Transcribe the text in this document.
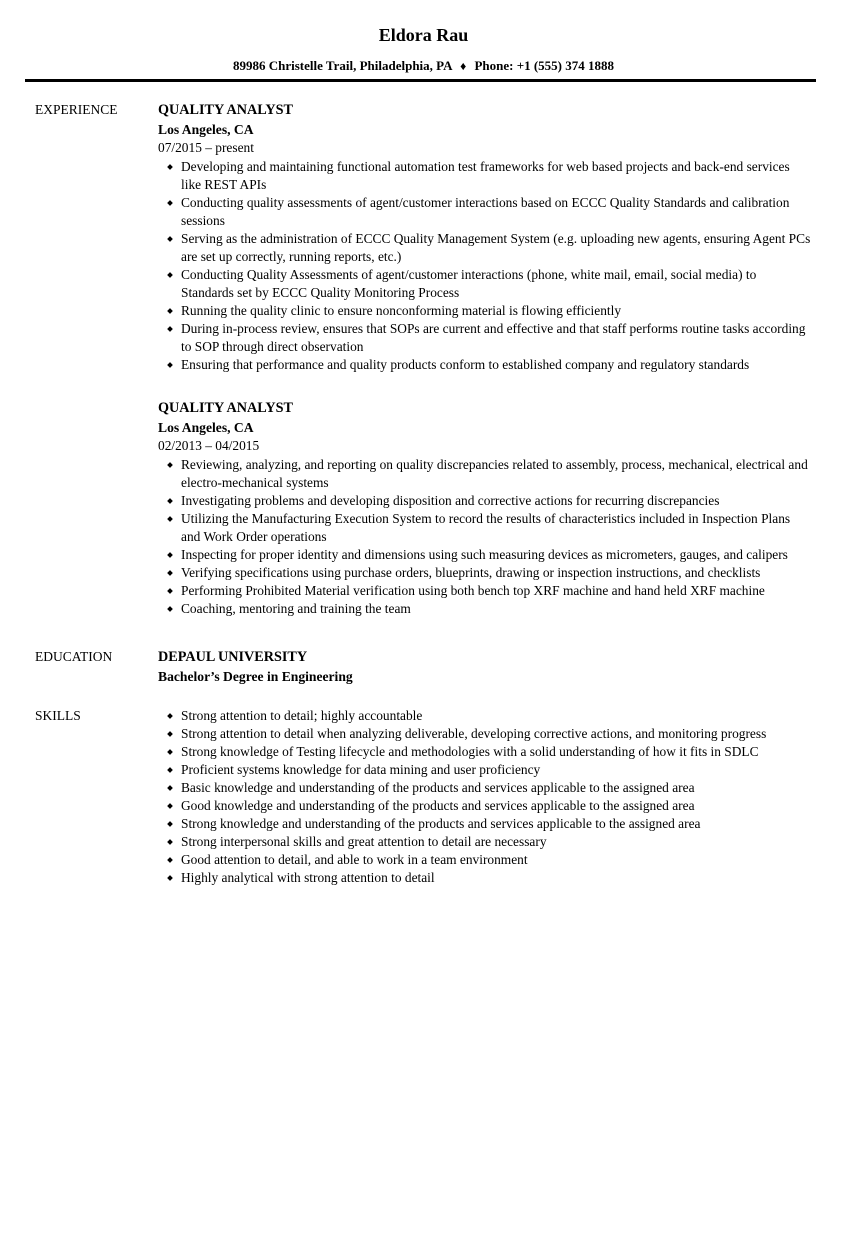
Eldora Rau
89986 Christelle Trail, Philadelphia, PA ♦ Phone: +1 (555) 374 1888
EXPERIENCE	QUALITY ANALYST
Los Angeles, CA
07/2015 – present
Developing and maintaining functional automation test frameworks for web based projects and back-end services like REST APIs
Conducting quality assessments of agent/customer interactions based on ECCC Quality Standards and calibration sessions
Serving as the administration of ECCC Quality Management System (e.g. uploading new agents, ensuring Agent PCs are set up correctly, running reports, etc.)
Conducting Quality Assessments of agent/customer interactions (phone, white mail, email, social media) to Standards set by ECCC Quality Monitoring Process
Running the quality clinic to ensure nonconforming material is flowing efficiently
During in-process review, ensures that SOPs are current and effective and that staff performs routine tasks according to SOP through direct observation
Ensuring that performance and quality products conform to established company and regulatory standards
QUALITY ANALYST
Los Angeles, CA
02/2013 – 04/2015
Reviewing, analyzing, and reporting on quality discrepancies related to assembly, process, mechanical, electrical and electro-mechanical systems
Investigating problems and developing disposition and corrective actions for recurring discrepancies
Utilizing the Manufacturing Execution System to record the results of characteristics included in Inspection Plans and Work Order operations
Inspecting for proper identity and dimensions using such measuring devices as micrometers, gauges, and calipers
Verifying specifications using purchase orders, blueprints, drawing or inspection instructions, and checklists
Performing Prohibited Material verification using both bench top XRF machine and hand held XRF machine
Coaching, mentoring and training the team
EDUCATION	DEPAUL UNIVERSITY
Bachelor’s Degree in Engineering
SKILLS	Strong attention to detail; highly accountable
Strong attention to detail when analyzing deliverable, developing corrective actions, and monitoring progress
Strong knowledge of Testing lifecycle and methodologies with a solid understanding of how it fits in SDLC
Proficient systems knowledge for data mining and user proficiency
Basic knowledge and understanding of the products and services applicable to the assigned area
Good knowledge and understanding of the products and services applicable to the assigned area
Strong knowledge and understanding of the products and services applicable to the assigned area
Strong interpersonal skills and great attention to detail are necessary
Good attention to detail, and able to work in a team environment
Highly analytical with strong attention to detail
